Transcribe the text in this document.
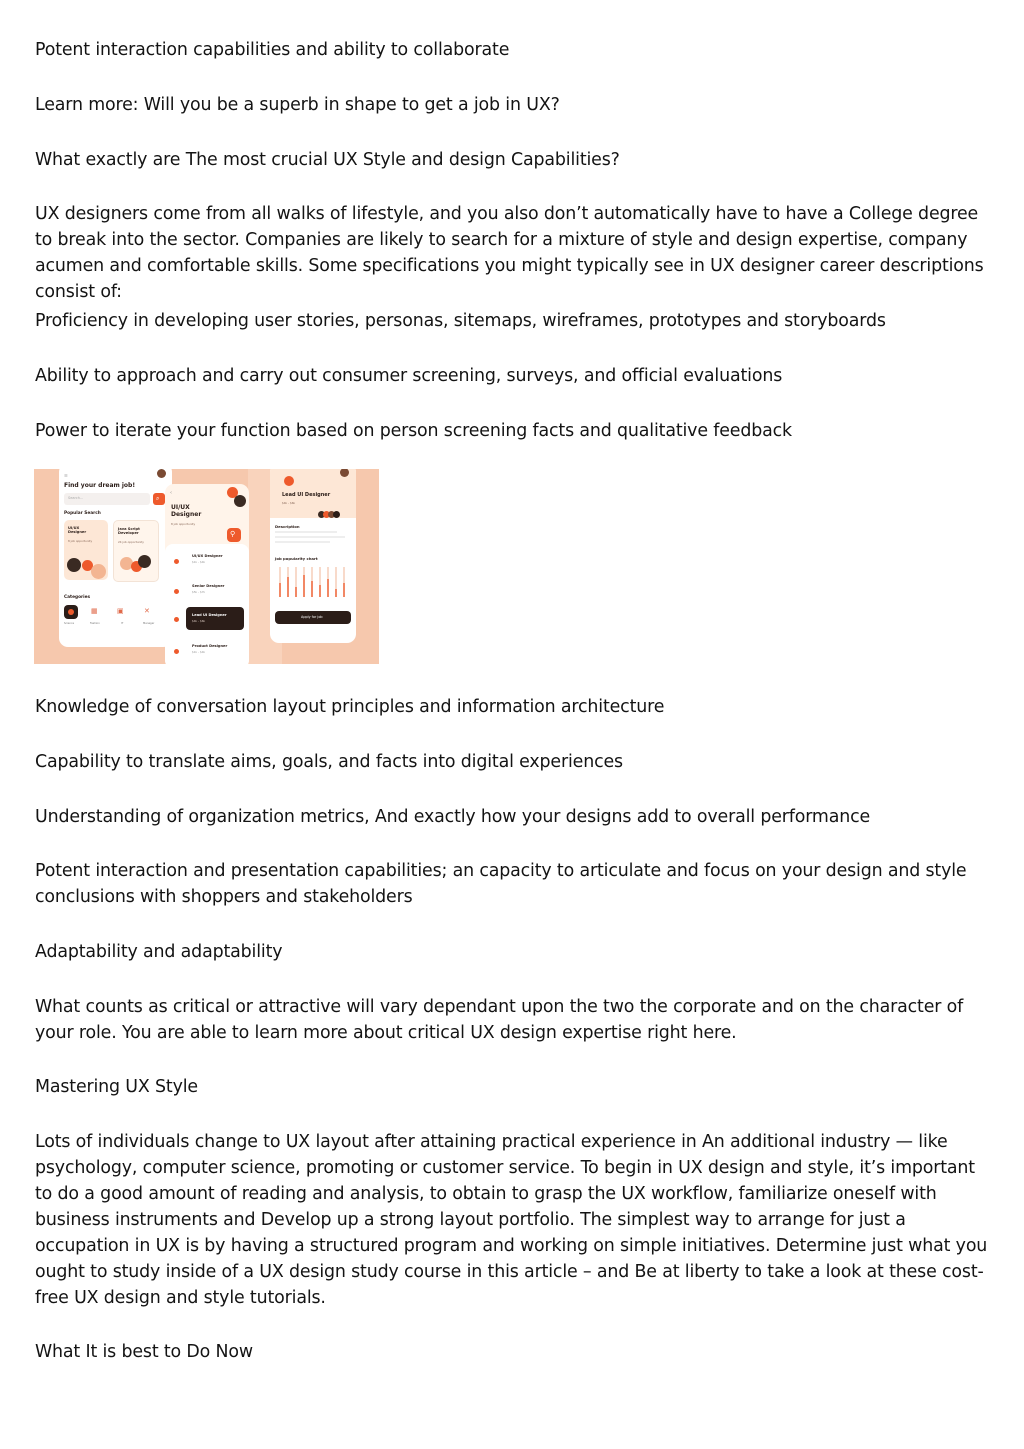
Potent interaction capabilities and ability to collaborate

Learn more: Will you be a superb in shape to get a job in UX?

What exactly are The most crucial UX Style and design Capabilities?

UX designers come from all walks of lifestyle, and you also don’t automatically have to have a College degree to break into the sector. Companies are likely to search for a mixture of style and design expertise, company acumen and comfortable skills. Some specifications you might typically see in UX designer career descriptions consist of:

Proficiency in developing user stories, personas, sitemaps, wireframes, prototypes and storyboards

Ability to approach and carry out consumer screening, surveys, and official evaluations

Power to iterate your function based on person screening facts and qualitative feedback

☰
Find your dream job!
Search...	⌕
Popular Search
UI/UX Designer
8 job opportunity
Java Script Developer
24 job opportunity
Categories
▦	▣	✕
Science	Fashion	IT	Manager
‹
UI/UX Designer
8 job opportunity
⚲
UI/UX Designer
$1k - $4k
Senior Designer
$5k - $7k
Lead UI Designer
$4k - $6k
Product Designer
$1k - $4k
Lead UI Designer
$4k - $6k
Description
Job popularity chart
Apply for job

Knowledge of conversation layout principles and information architecture

Capability to translate aims, goals, and facts into digital experiences

Understanding of organization metrics, And exactly how your designs add to overall performance

Potent interaction and presentation capabilities; an capacity to articulate and focus on your design and style conclusions with shoppers and stakeholders

Adaptability and adaptability

What counts as critical or attractive will vary dependant upon the two the corporate and on the character of your role. You are able to learn more about critical UX design expertise right here.

Mastering UX Style

Lots of individuals change to UX layout after attaining practical experience in An additional industry — like psychology, computer science, promoting or customer service. To begin in UX design and style, it’s important to do a good amount of reading and analysis, to obtain to grasp the UX workflow, familiarize oneself with business instruments and Develop up a strong layout portfolio. The simplest way to arrange for just a occupation in UX is by having a structured program and working on simple initiatives. Determine just what you ought to study inside of a UX design study course in this article – and Be at liberty to take a look at these cost-free UX design and style tutorials.

What It is best to Do Now
